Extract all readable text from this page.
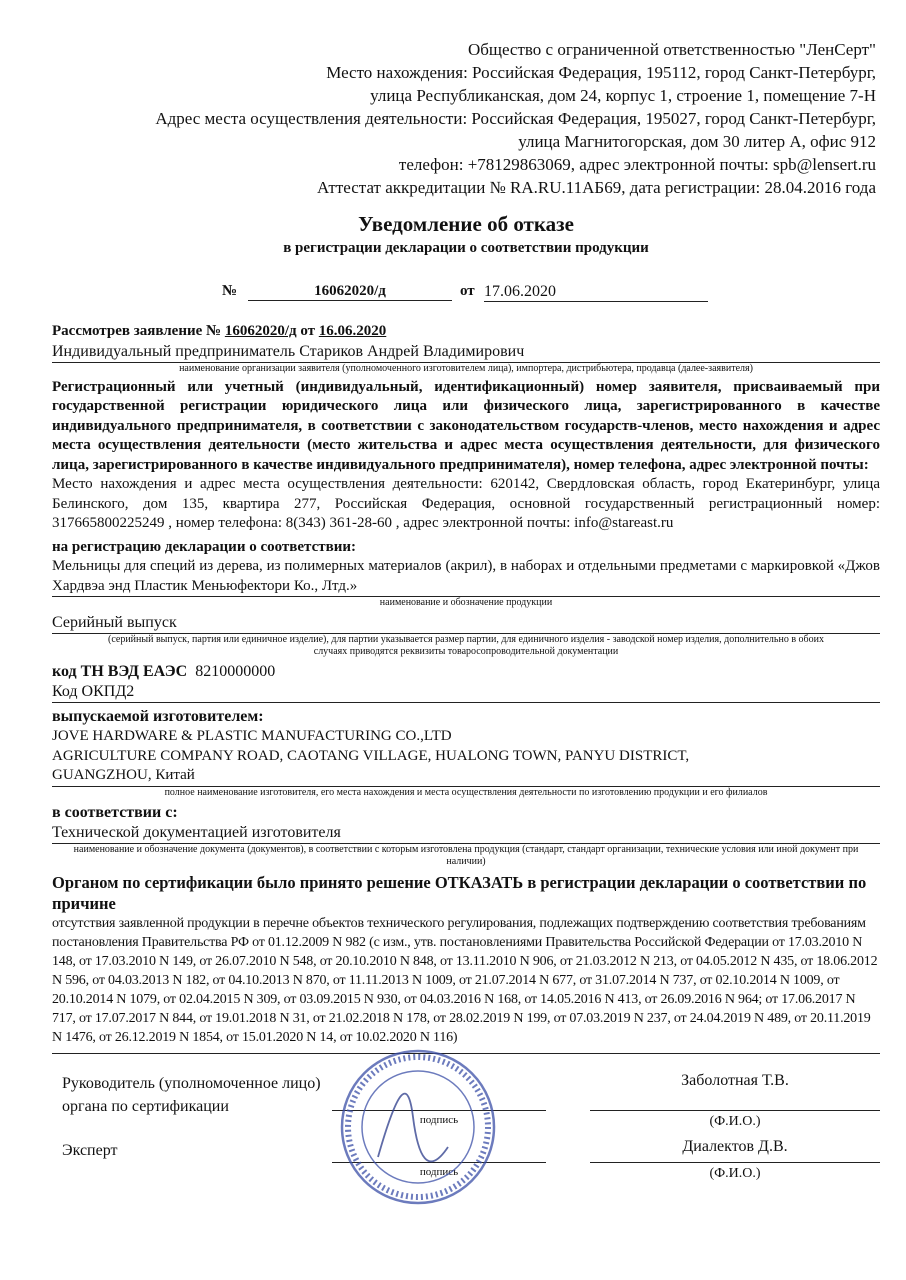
Общество с ограниченной ответственностью "ЛенСерт"
Место нахождения: Российская Федерация, 195112, город Санкт-Петербург,
улица Республиканская, дом 24, корпус 1, строение 1, помещение 7-Н
Адрес места осуществления деятельности: Российская Федерация, 195027, город Санкт-Петербург,
улица Магнитогорская, дом 30 литер А, офис 912
телефон: +78129863069, адрес электронной почты: spb@lensert.ru
Аттестат аккредитации № RA.RU.11АБ69, дата регистрации: 28.04.2016 года
Уведомление об отказе
в регистрации декларации о соответствии продукции
№	16062020/д	от 17.06.2020
Рассмотрев заявление № 16062020/д от 16.06.2020
Индивидуальный предприниматель Стариков Андрей Владимирович
наименование организации заявителя (уполномоченного изготовителем лица), импортера, дистрибьютера, продавца (далее-заявителя)
Регистрационный или учетный (индивидуальный, идентификационный) номер заявителя, присваиваемый при государственной регистрации юридического лица или физического лица, зарегистрированного в качестве индивидуального предпринимателя, в соответствии с законодательством государств-членов, место нахождения и адрес места осуществления деятельности (место жительства и адрес места осуществления деятельности, для физического лица, зарегистрированного в качестве индивидуального предпринимателя), номер телефона, адрес электронной почты:
Место нахождения и адрес места осуществления деятельности: 620142, Свердловская область, город Екатеринбург, улица Белинского, дом 135, квартира 277, Российская Федерация, основной государственный регистрационный номер: 317665800225249 , номер телефона: 8(343) 361-28-60 , адрес электронной почты: info@stareast.ru
на регистрацию декларации о соответствии:
Мельницы для специй из дерева, из полимерных материалов (акрил), в наборах и отдельными предметами с маркировкой «Джов Хардвэа энд Пластик Меньюфектори Ко., Лтд.»
наименование и обозначение продукции
Серийный выпуск
(серийный выпуск, партия или единичное изделие), для партии указывается размер партии, для единичного изделия - заводской номер изделия, дополнительно в обоих случаях приводятся реквизиты товаросопроводительной документации
код ТН ВЭД ЕАЭС 8210000000
Код ОКПД2
выпускаемой изготовителем:
JOVE HARDWARE & PLASTIC MANUFACTURING CO.,LTD
AGRICULTURE COMPANY ROAD, CAOTANG VILLAGE, HUALONG TOWN, PANYU DISTRICT,
GUANGZHOU, Китай
полное наименование изготовителя, его места нахождения и места осуществления деятельности по изготовлению продукции и его филиалов
в соответствии с:
Технической документацией изготовителя
наименование и обозначение документа (документов), в соответствии с которым изготовлена продукция (стандарт, стандарт организации, технические условия или иной документ при наличии)
Органом по сертификации было принято решение ОТКАЗАТЬ в регистрации декларации о соответствии по причине
отсутствия заявленной продукции в перечне объектов технического регулирования, подлежащих подтверждению соответствия требованиям постановления Правительства РФ от 01.12.2009 N 982 (с изм., утв. постановлениями Правительства Российской Федерации от 17.03.2010 N 148, от 17.03.2010 N 149, от 26.07.2010 N 548, от 20.10.2010 N 848, от 13.11.2010 N 906, от 21.03.2012 N 213, от 04.05.2012 N 435, от 18.06.2012 N 596, от 04.03.2013 N 182, от 04.10.2013 N 870, от 11.11.2013 N 1009, от 21.07.2014 N 677, от 31.07.2014 N 737, от 02.10.2014 N 1009, от 20.10.2014 N 1079, от 02.04.2015 N 309, от 03.09.2015 N 930, от 04.03.2016 N 168, от 14.05.2016 N 413, от 26.09.2016 N 964; от 17.06.2017 N 717, от 17.07.2017 N 844, от 19.01.2018 N 31, от 21.02.2018 N 178, от 28.02.2019 N 199, от 07.03.2019 N 237, от 24.04.2019 N 489, от 20.11.2019 N 1476, от 26.12.2019 N 1854, от 15.01.2020 N 14, от 10.02.2020 N 116)
Руководитель (уполномоченное лицо) органа по сертификации
подпись
Заболотная Т.В.
(Ф.И.О.)
Эксперт
подпись
Диалектов Д.В.
(Ф.И.О.)
